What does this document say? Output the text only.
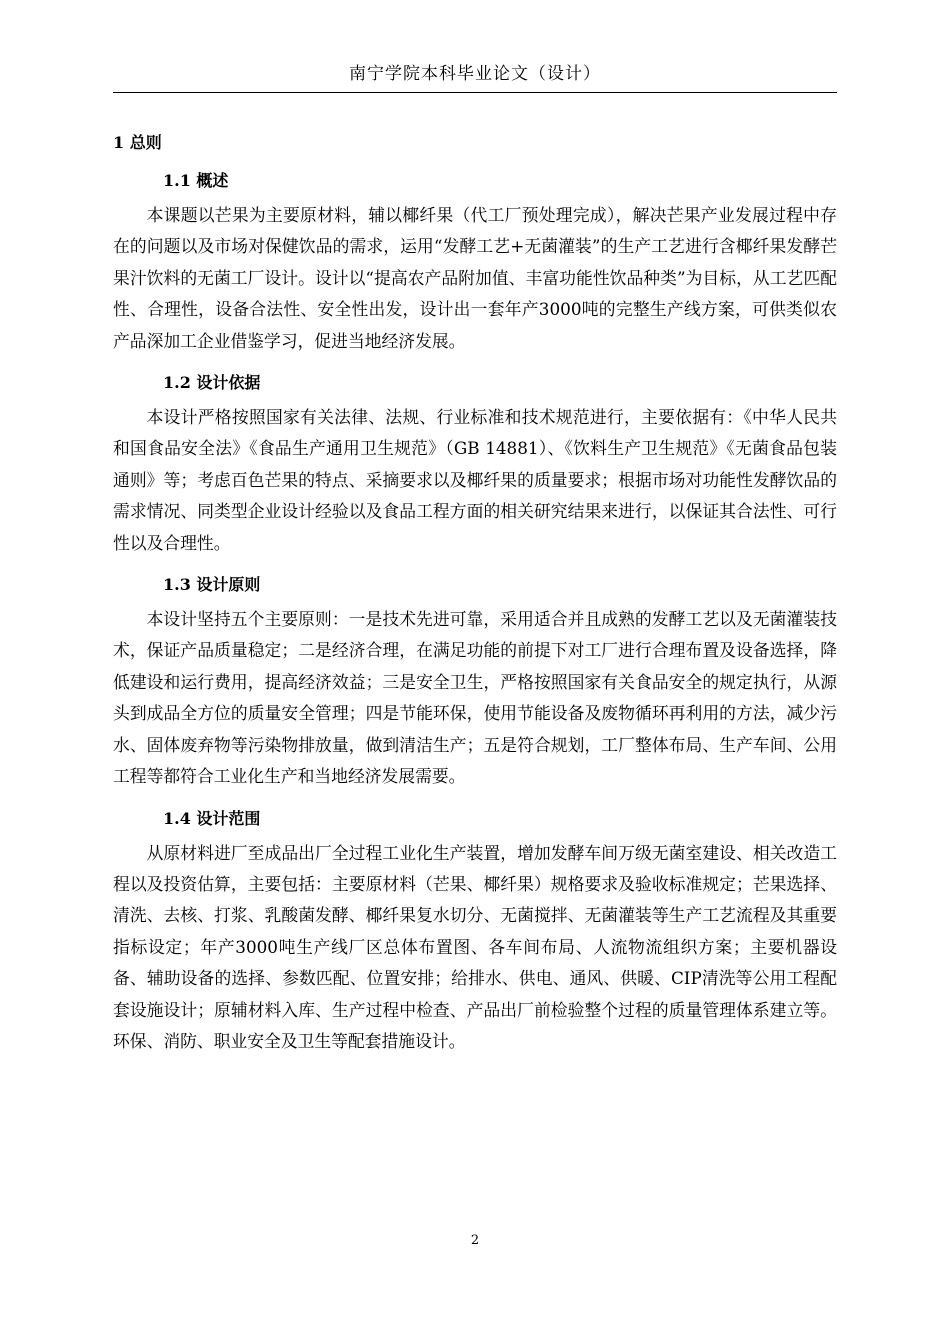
南宁学院本科毕业论文（设计）
1 总则
1.1 概述

本课题以芒果为主要原材料，辅以椰纤果（代工厂预处理完成），解决芒果产业发展过程中存在的问题以及市场对保健饮品的需求，运用“发酵工艺+无菌灌装”的生产工艺进行含椰纤果发酵芒果汁饮料的无菌工厂设计。设计以“提高农产品附加值、丰富功能性饮品种类”为目标，从工艺匹配性、合理性，设备合法性、安全性出发，设计出一套年产3000吨的完整生产线方案，可供类似农产品深加工企业借鉴学习，促进当地经济发展。

1.2 设计依据

本设计严格按照国家有关法律、法规、行业标准和技术规范进行，主要依据有：《中华人民共和国食品安全法》《食品生产通用卫生规范》（GB 14881）、《饮料生产卫生规范》《无菌食品包装通则》等；考虑百色芒果的特点、采摘要求以及椰纤果的质量要求；根据市场对功能性发酵饮品的需求情况、同类型企业设计经验以及食品工程方面的相关研究结果来进行，以保证其合法性、可行性以及合理性。

1.3 设计原则

本设计坚持五个主要原则：一是技术先进可靠，采用适合并且成熟的发酵工艺以及无菌灌装技术，保证产品质量稳定；二是经济合理，在满足功能的前提下对工厂进行合理布置及设备选择，降低建设和运行费用，提高经济效益；三是安全卫生，严格按照国家有关食品安全的规定执行，从源头到成品全方位的质量安全管理；四是节能环保，使用节能设备及废物循环再利用的方法，减少污水、固体废弃物等污染物排放量，做到清洁生产；五是符合规划，工厂整体布局、生产车间、公用工程等都符合工业化生产和当地经济发展需要。

1.4 设计范围

从原材料进厂至成品出厂全过程工业化生产装置，增加发酵车间万级无菌室建设、相关改造工程以及投资估算，主要包括：主要原材料（芒果、椰纤果）规格要求及验收标准规定；芒果选择、清洗、去核、打浆、乳酸菌发酵、椰纤果复水切分、无菌搅拌、无菌灌装等生产工艺流程及其重要指标设定；年产3000吨生产线厂区总体布置图、各车间布局、人流物流组织方案；主要机器设备、辅助设备的选择、参数匹配、位置安排；给排水、供电、通风、供暖、CIP清洗等公用工程配套设施设计；原辅材料入库、生产过程中检查、产品出厂前检验整个过程的质量管理体系建立等。环保、消防、职业安全及卫生等配套措施设计。

2
